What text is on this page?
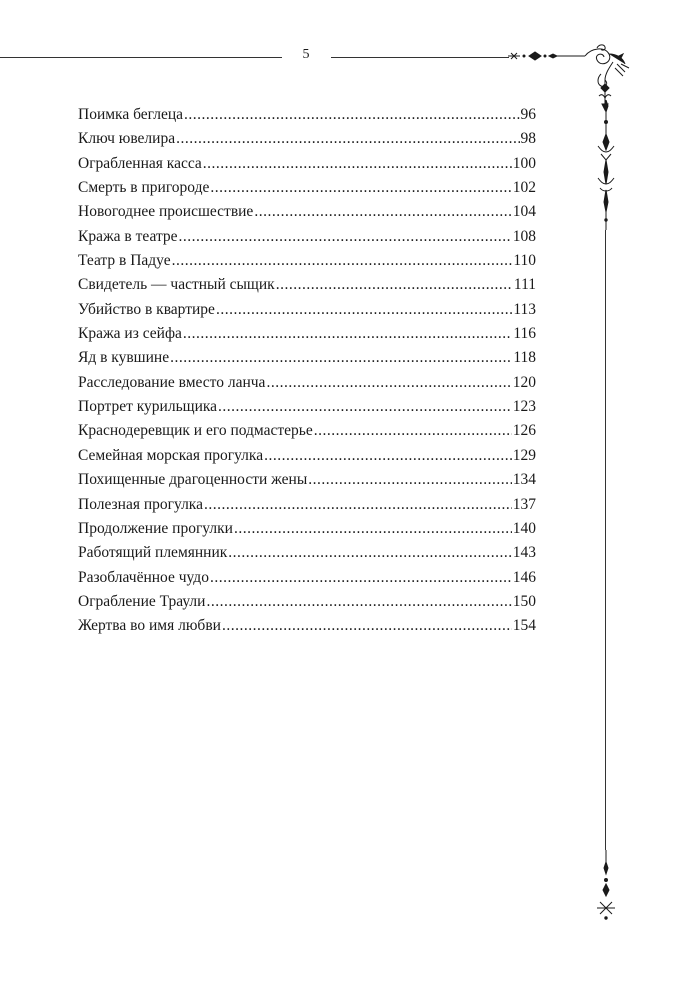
5
Поимка беглеца .....	96
Ключ ювелира .....	98
Ограбленная касса .....	100
Смерть в пригороде .....	102
Новогоднее происшествие .....	104
Кража в театре .....	108
Театр в Падуе .....	110
Свидетель — частный сыщик .....	111
Убийство в квартире .....	113
Кража из сейфа .....	116
Яд в кувшине .....	118
Расследование вместо ланча .....	120
Портрет курильщика .....	123
Краснодеревщик и его подмастерье .....	126
Семейная морская прогулка .....	129
Похищенные драгоценности жены .....	134
Полезная прогулка .....	137
Продолжение прогулки .....	140
Работящий племянник .....	143
Разоблачённое чудо .....	146
Ограбление Траули .....	150
Жертва во имя любви .....	154
